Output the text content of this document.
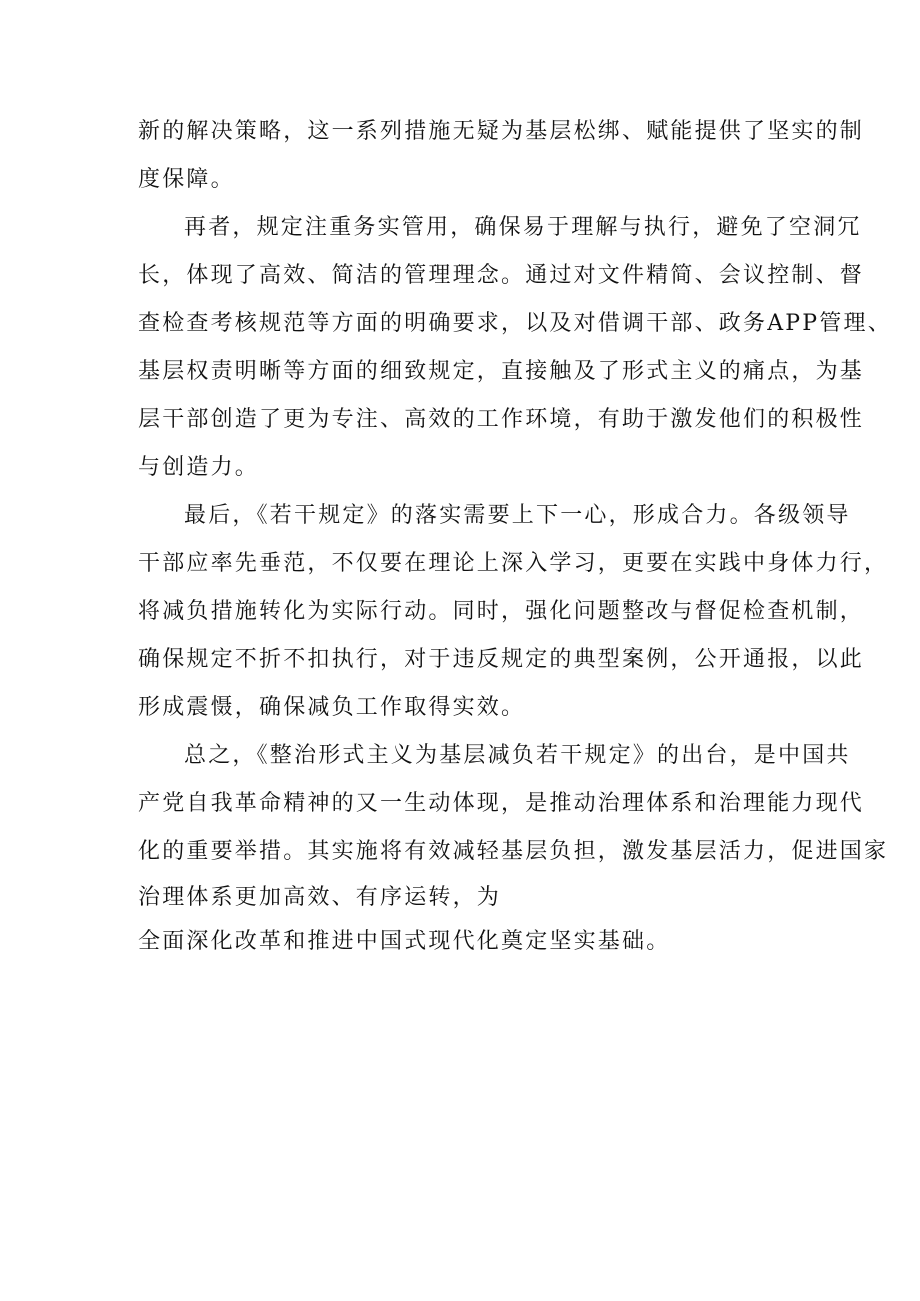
新的解决策略，这一系列措施无疑为基层松绑、赋能提供了坚实的制
度保障。
再者，规定注重务实管用，确保易于理解与执行，避免了空洞冗
长，体现了高效、简洁的管理理念。通过对文件精简、会议控制、督
查检查考核规范等方面的明确要求，以及对借调干部、政务APP管理、
基层权责明晰等方面的细致规定，直接触及了形式主义的痛点，为基
层干部创造了更为专注、高效的工作环境，有助于激发他们的积极性
与创造力。
最后，《若干规定》的落实需要上下一心，形成合力。各级领导
干部应率先垂范，不仅要在理论上深入学习，更要在实践中身体力行，
将减负措施转化为实际行动。同时，强化问题整改与督促检查机制，
确保规定不折不扣执行，对于违反规定的典型案例，公开通报，以此
形成震慑，确保减负工作取得实效。
总之，《整治形式主义为基层减负若干规定》的出台，是中国共
产党自我革命精神的又一生动体现，是推动治理体系和治理能力现代
化的重要举措。其实施将有效减轻基层负担，激发基层活力，促进国家
治理体系更加高效、有序运转，为
全面深化改革和推进中国式现代化奠定坚实基础。
